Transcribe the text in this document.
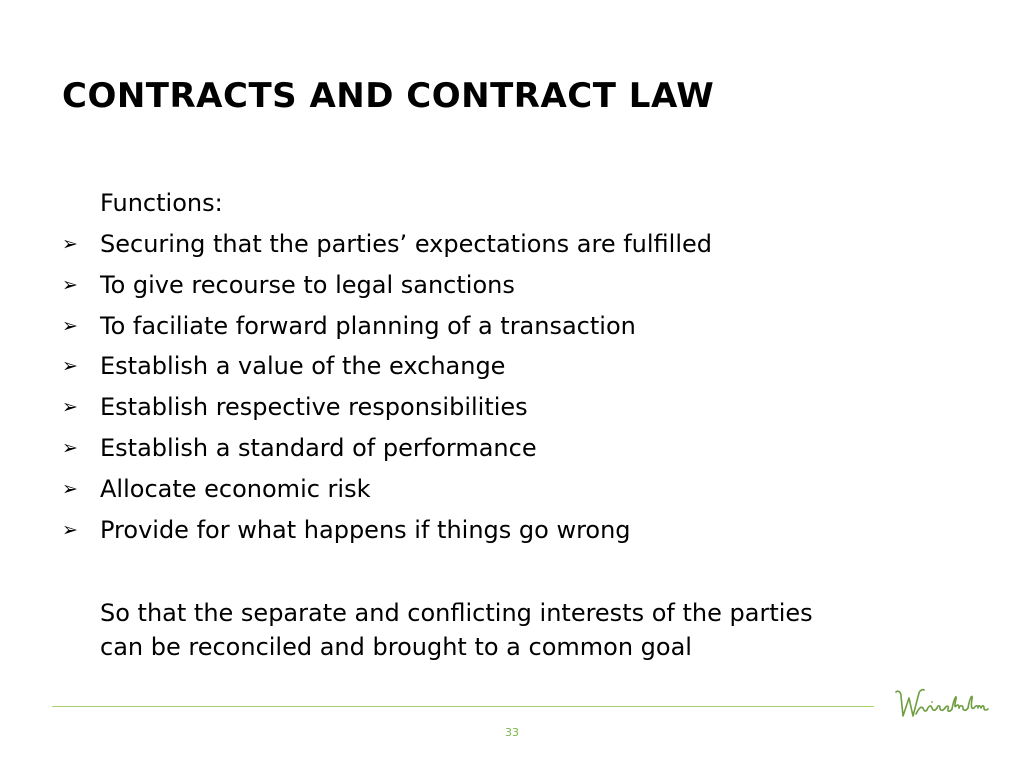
CONTRACTS AND CONTRACT LAW
Functions:
➢ Securing that the parties’ expectations are fulfilled
➢ To give recourse to legal sanctions
➢ To faciliate forward planning of a transaction
➢ Establish a value of the exchange
➢ Establish respective responsibilities
➢ Establish a standard of performance
➢ Allocate economic risk
➢ Provide for what happens if things go wrong
So that the separate and conflicting interests of the parties
can be reconciled and brought to a common goal
33
